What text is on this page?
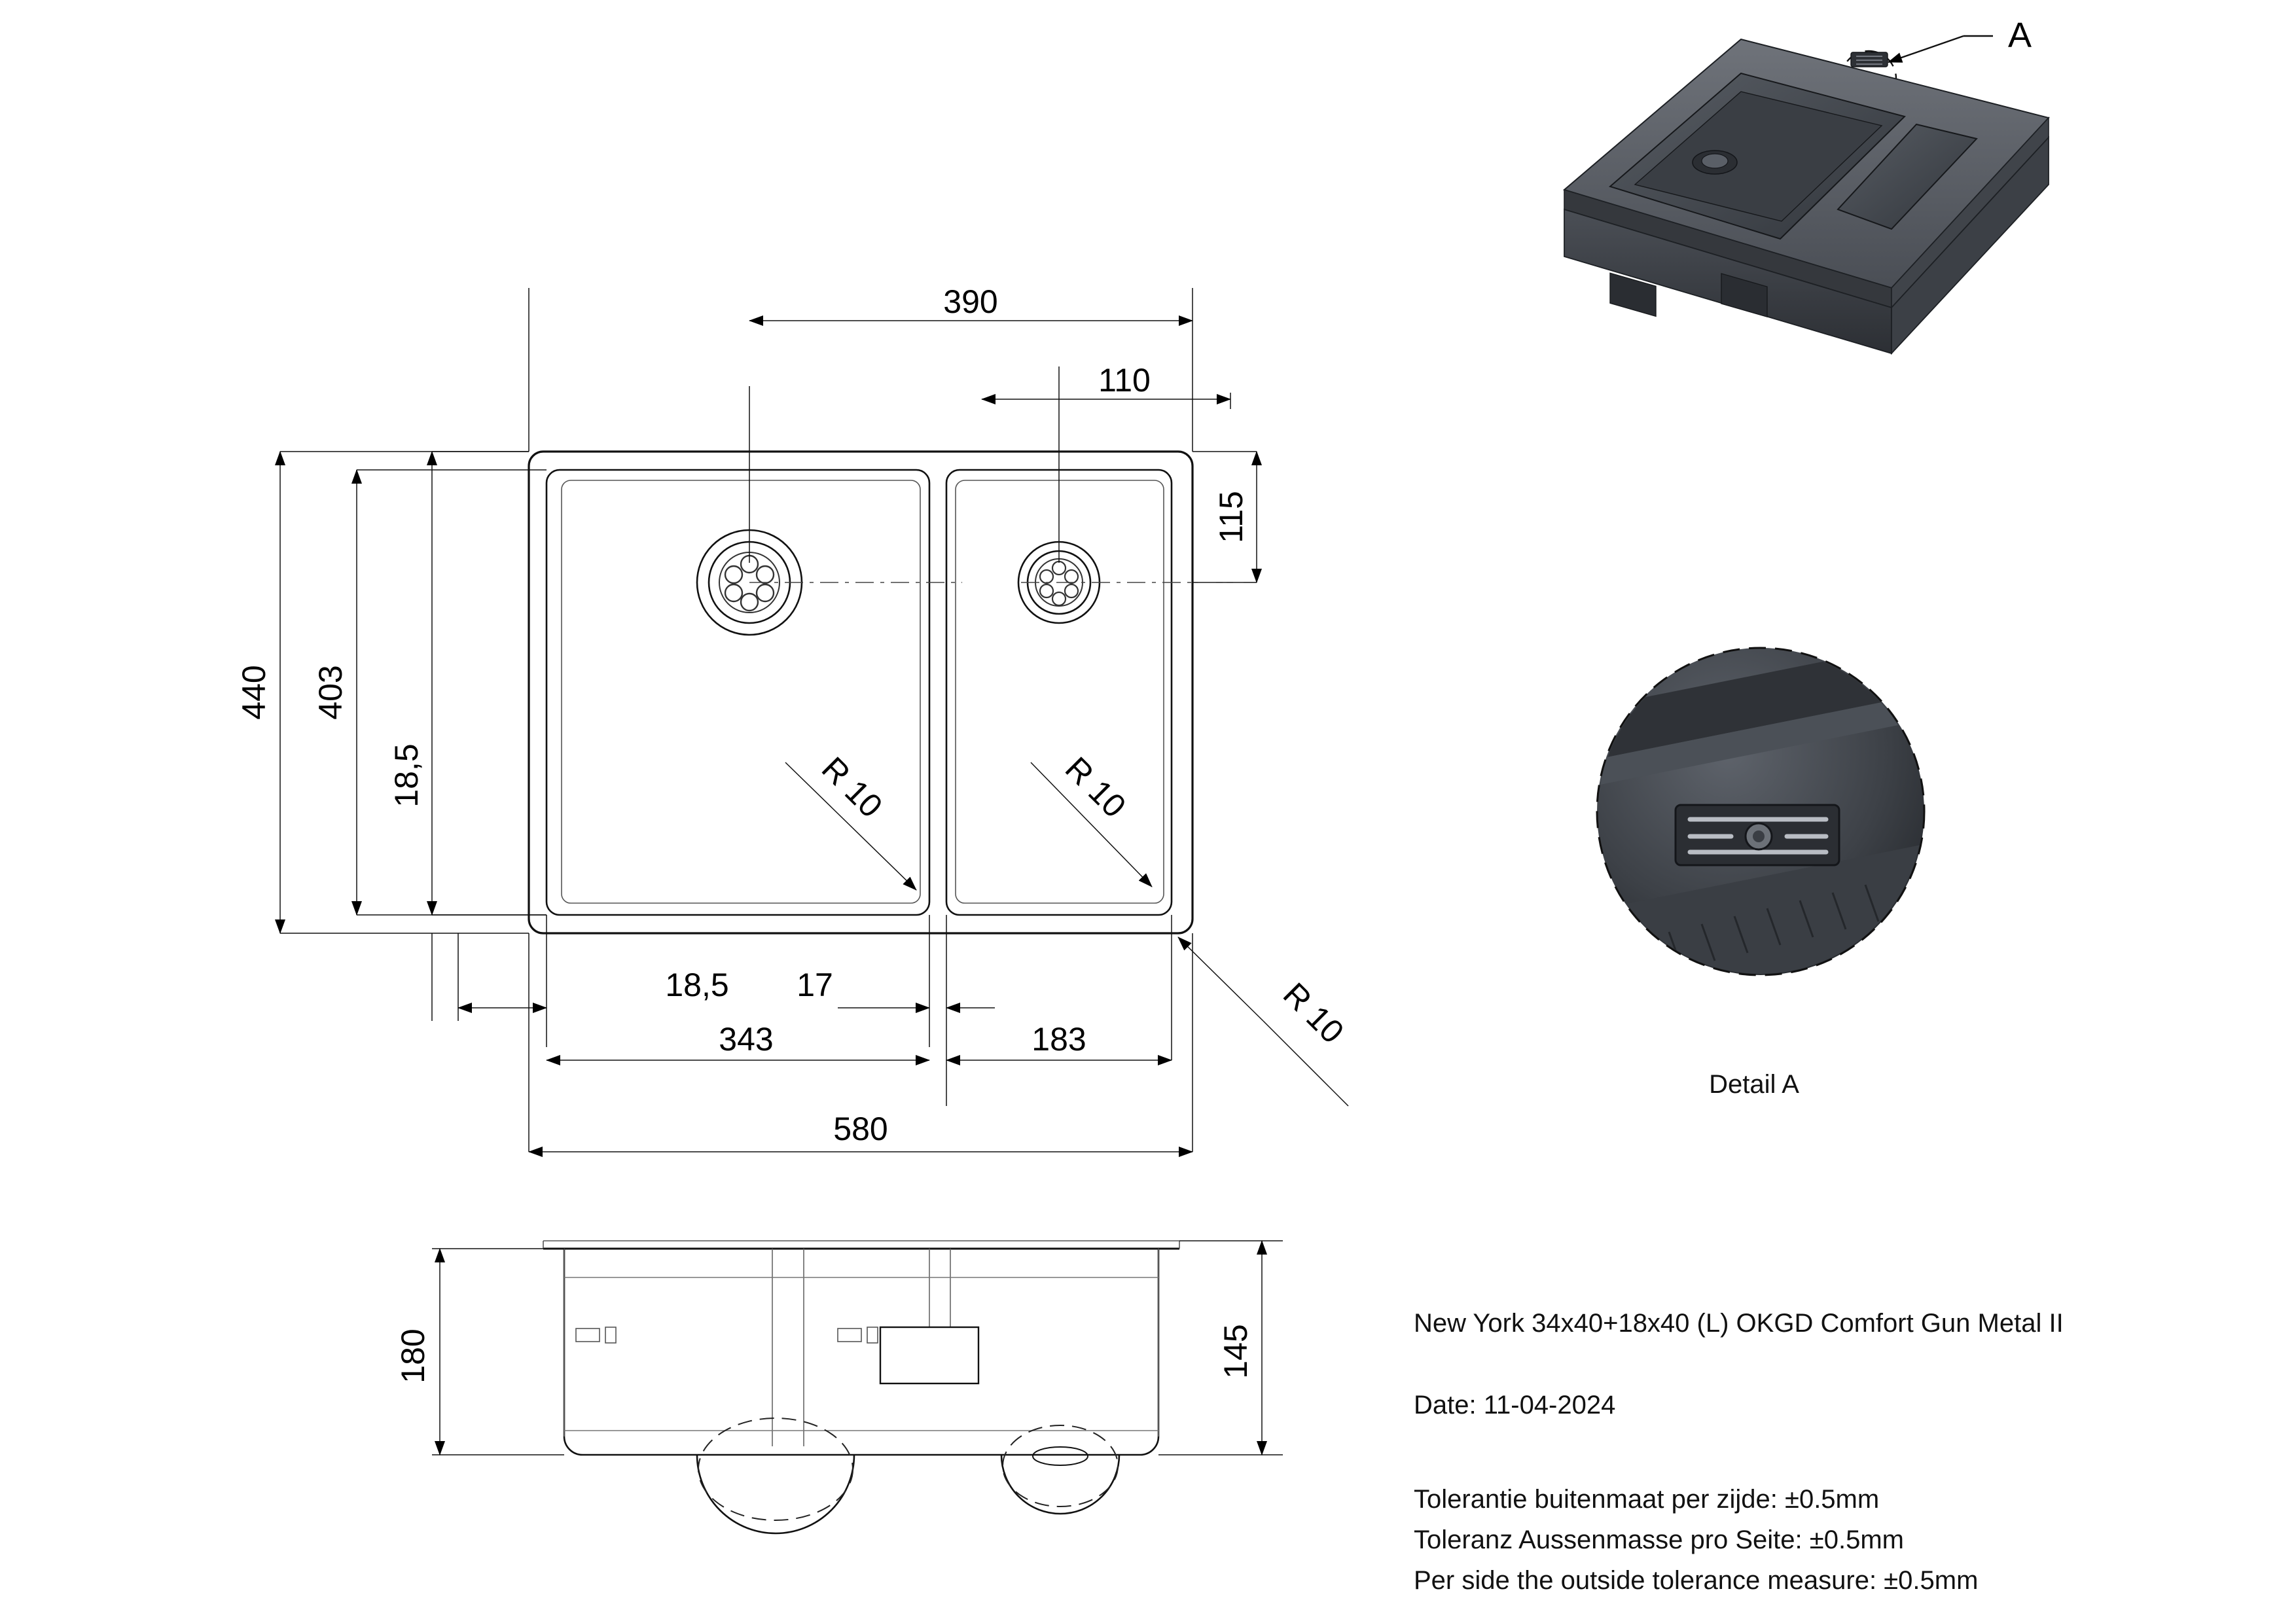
390
110
115
440 403
18,5
18,5 17
343	183
580
R 10	R 10
R 10
180	145
A
Detail A
New York 34x40+18x40 (L) OKGD Comfort Gun Metal II
Date: 11-04-2024
Tolerantie buitenmaat per zijde: ±0.5mm
Toleranz Aussenmasse pro Seite: ±0.5mm
Per side the outside tolerance measure: ±0.5mm
